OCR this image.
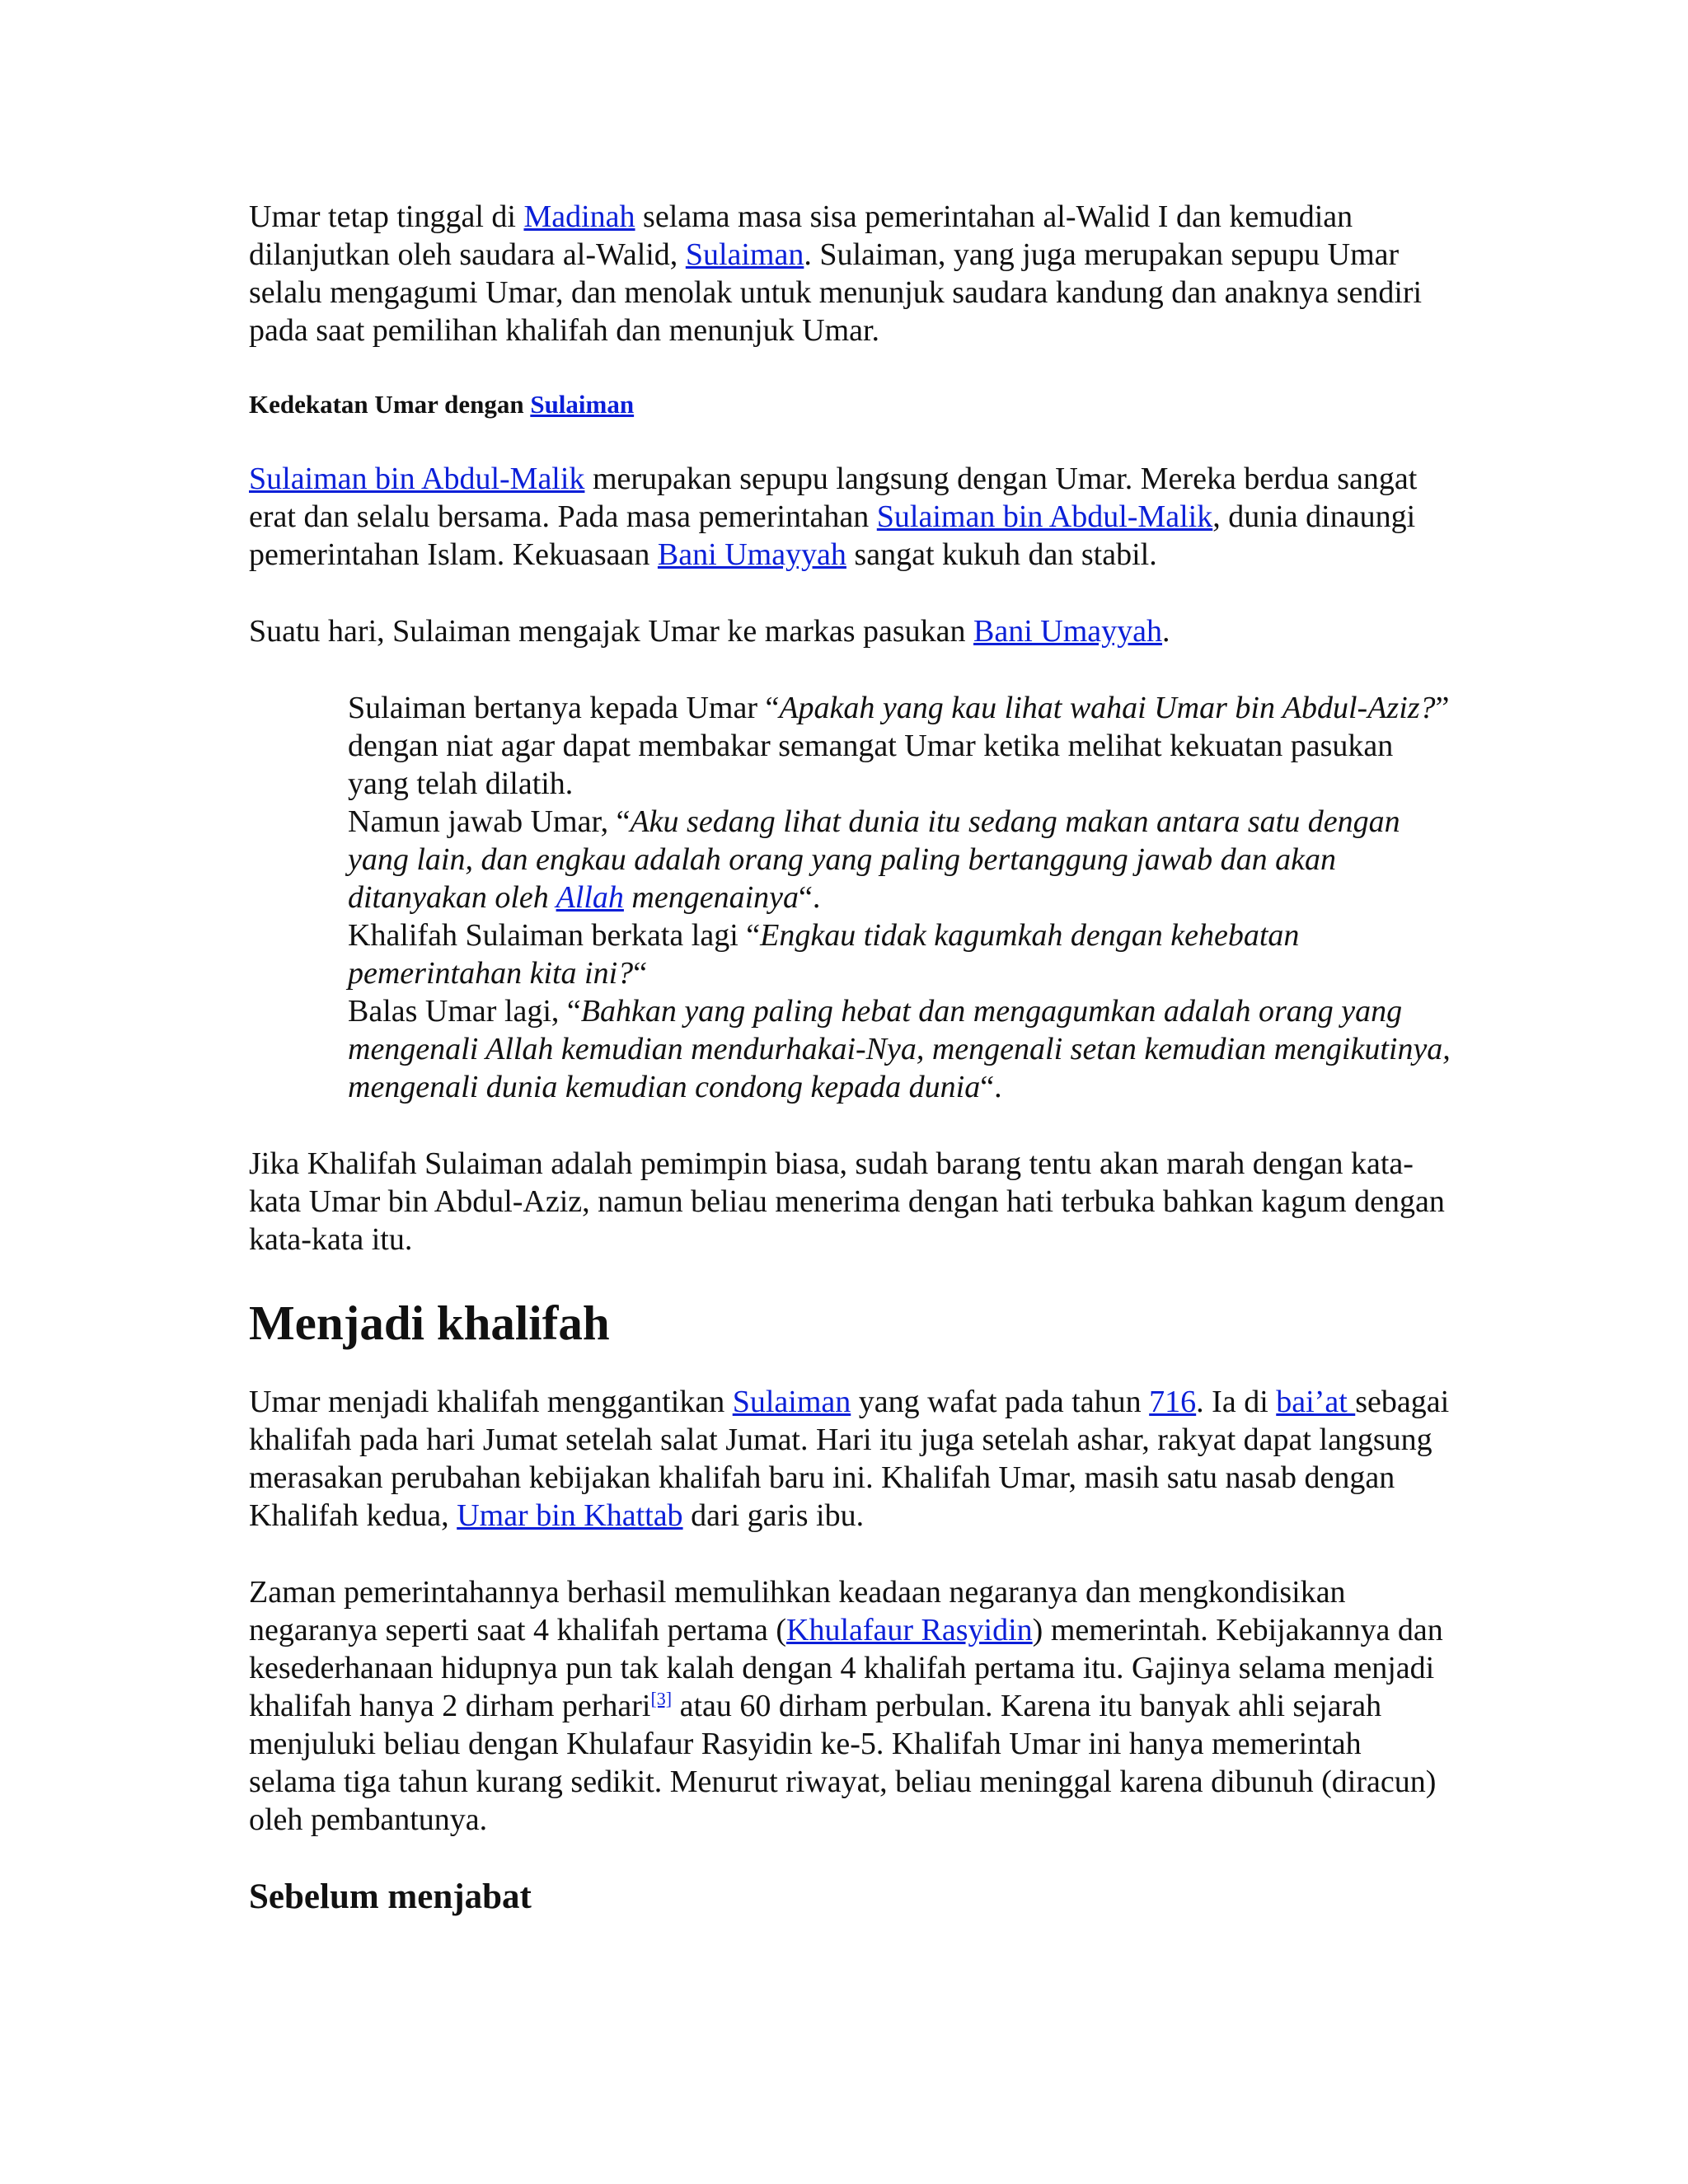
Umar tetap tinggal di Madinah selama masa sisa pemerintahan al-Walid I dan kemudian dilanjutkan oleh saudara al-Walid, Sulaiman. Sulaiman, yang juga merupakan sepupu Umar selalu mengagumi Umar, dan menolak untuk menunjuk saudara kandung dan anaknya sendiri pada saat pemilihan khalifah dan menunjuk Umar.

Kedekatan Umar dengan Sulaiman

Sulaiman bin Abdul-Malik merupakan sepupu langsung dengan Umar. Mereka berdua sangat erat dan selalu bersama. Pada masa pemerintahan Sulaiman bin Abdul-Malik, dunia dinaungi pemerintahan Islam. Kekuasaan Bani Umayyah sangat kukuh dan stabil.

Suatu hari, Sulaiman mengajak Umar ke markas pasukan Bani Umayyah.

Sulaiman bertanya kepada Umar “Apakah yang kau lihat wahai Umar bin Abdul-Aziz?” dengan niat agar dapat membakar semangat Umar ketika melihat kekuatan pasukan yang telah dilatih.
Namun jawab Umar, “Aku sedang lihat dunia itu sedang makan antara satu dengan yang lain, dan engkau adalah orang yang paling bertanggung jawab dan akan ditanyakan oleh Allah mengenainya“.
Khalifah Sulaiman berkata lagi “Engkau tidak kagumkah dengan kehebatan pemerintahan kita ini?“
Balas Umar lagi, “Bahkan yang paling hebat dan mengagumkan adalah orang yang mengenali Allah kemudian mendurhakai-Nya, mengenali setan kemudian mengikutinya, mengenali dunia kemudian condong kepada dunia“.

Jika Khalifah Sulaiman adalah pemimpin biasa, sudah barang tentu akan marah dengan kata-kata Umar bin Abdul-Aziz, namun beliau menerima dengan hati terbuka bahkan kagum dengan kata-kata itu.

Menjadi khalifah

Umar menjadi khalifah menggantikan Sulaiman yang wafat pada tahun 716. Ia di bai’at sebagai khalifah pada hari Jumat setelah salat Jumat. Hari itu juga setelah ashar, rakyat dapat langsung merasakan perubahan kebijakan khalifah baru ini. Khalifah Umar, masih satu nasab dengan Khalifah kedua, Umar bin Khattab dari garis ibu.

Zaman pemerintahannya berhasil memulihkan keadaan negaranya dan mengkondisikan negaranya seperti saat 4 khalifah pertama (Khulafaur Rasyidin) memerintah. Kebijakannya dan kesederhanaan hidupnya pun tak kalah dengan 4 khalifah pertama itu. Gajinya selama menjadi khalifah hanya 2 dirham perhari[3] atau 60 dirham perbulan. Karena itu banyak ahli sejarah menjuluki beliau dengan Khulafaur Rasyidin ke-5. Khalifah Umar ini hanya memerintah selama tiga tahun kurang sedikit. Menurut riwayat, beliau meninggal karena dibunuh (diracun) oleh pembantunya.

Sebelum menjabat
